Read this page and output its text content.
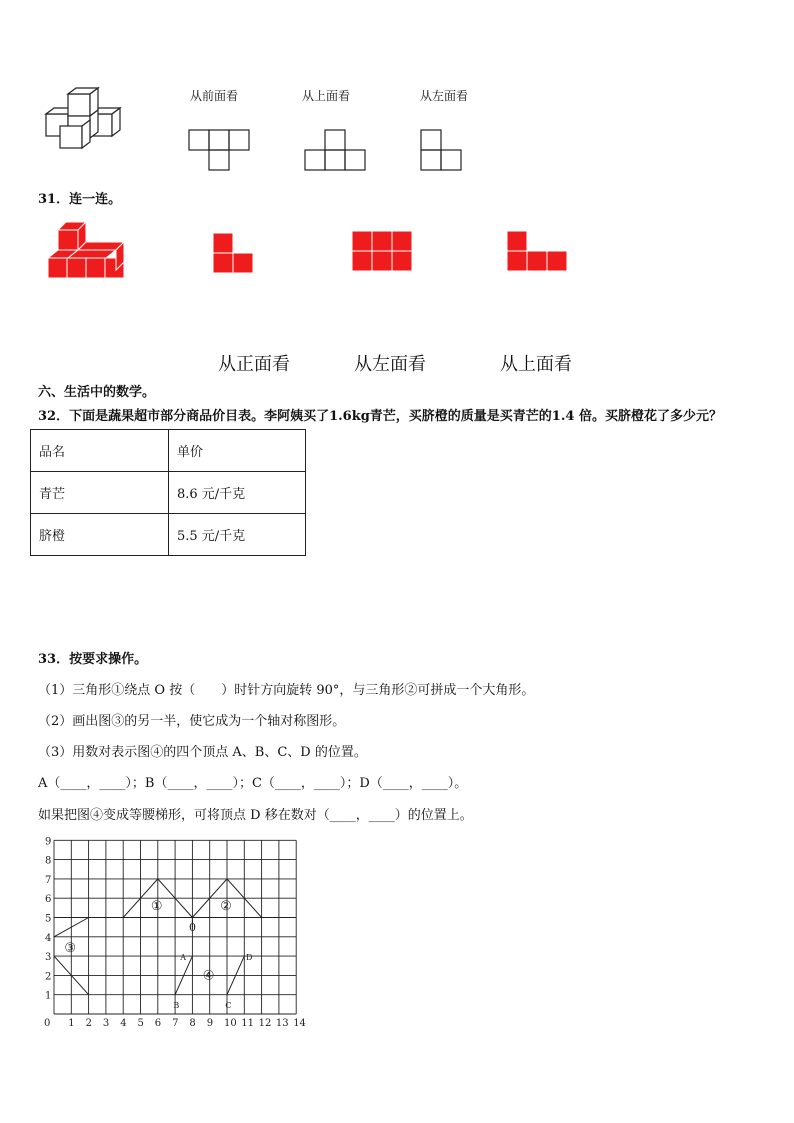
从前面看	从上面看	从左面看
31．连一连。
从正面看	从左面看	从上面看
六、生活中的数学。
32．下面是蔬果超市部分商品价目表。李阿姨买了1.6kg青芒，买脐橙的质量是买青芒的1.4 倍。买脐橙花了多少元？
品名	单价
青芒	8.6 元/千克
脐橙	5.5 元/千克
33．按要求操作。
（1）三角形①绕点 O 按（　　）时针方向旋转 90°，与三角形②可拼成一个大角形。
（2）画出图③的另一半，使它成为一个轴对称图形。
（3）用数对表示图④的四个顶点 A、B、C、D 的位置。
A（____，____）；B（____，____）；C（____，____）；D（____，____）。
如果把图④变成等腰梯形，可将顶点 D 移在数对（____，____）的位置上。
0 1 2 3 4 5 6 7 8 9 10 11 12 13 14
1
2
3
4
5
6
7
8
9
①	②
③
④
0
A	D
B	C
